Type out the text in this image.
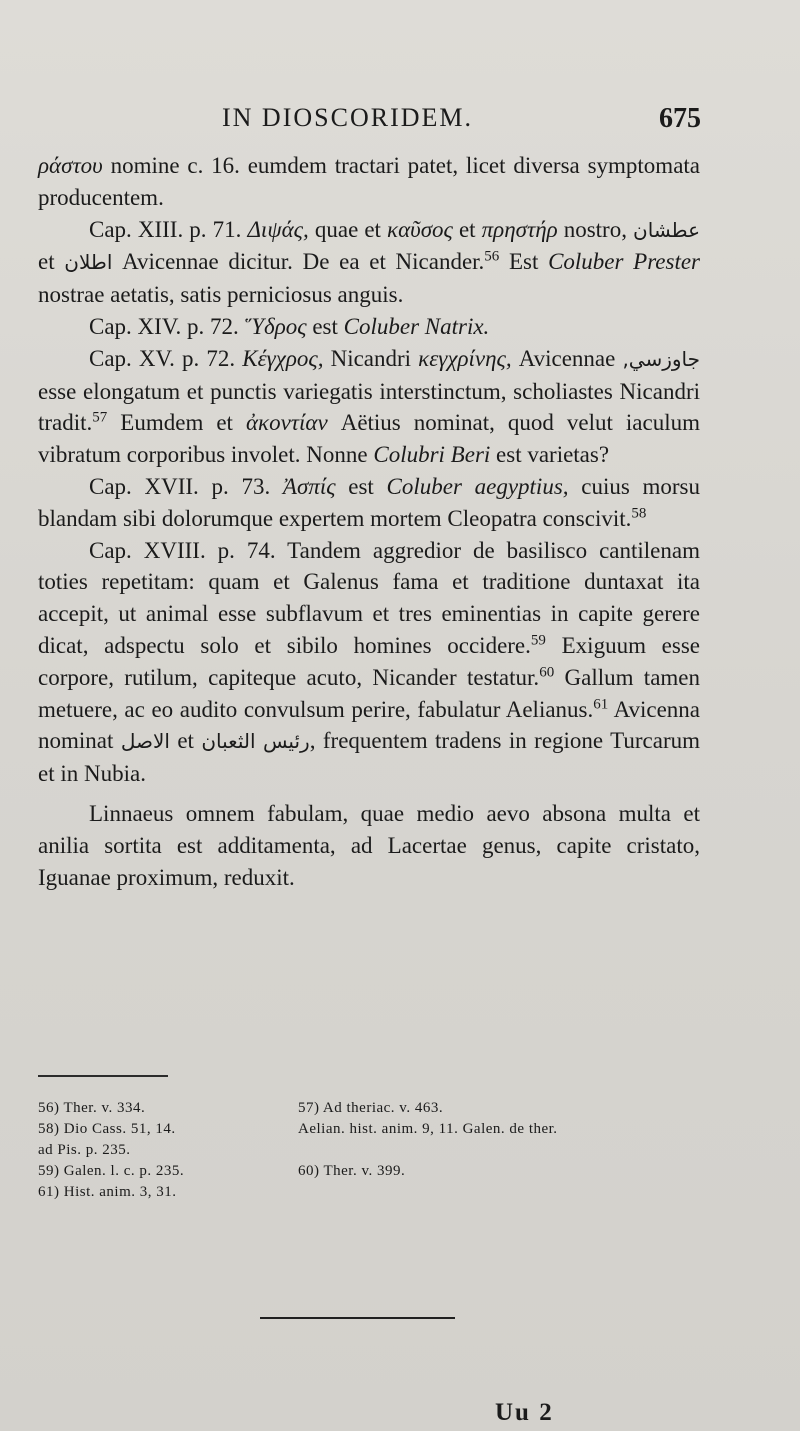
IN DIOSCORIDEM.	675

ράστου nomine c. 16. eumdem tractari patet, licet diversa symptomata producentem.

Cap. XIII. p. 71. Διψάς, quae et καῦσος et πρηστήρ nostro, عطشان et اطلان Avicennae dicitur. De ea et Nicander.$^{56}$ Est Coluber Prester nostrae aetatis, satis perniciosus anguis.

Cap. XIV. p. 72. Ὕδρος est Coluber Natrix.

Cap. XV. p. 72. Κέγχρος, Nicandri κεγχρίνης, Avicennae جاوزسي, esse elongatum et punctis variegatis interstinctum, scholiastes Nicandri tradit.$^{57}$ Eumdem et ἀκοντίαν Aëtius nominat, quod velut iaculum vibratum corporibus involet. Nonne Colubri Beri est varietas?

Cap. XVII. p. 73. Ἀσπίς est Coluber aegyptius, cuius morsu blandam sibi dolorumque expertem mortem Cleopatra conscivit.$^{58}$

Cap. XVIII. p. 74. Tandem aggredior de basilisco cantilenam toties repetitam: quam et Galenus fama et traditione duntaxat ita accepit, ut animal esse subflavum et tres eminentias in capite gerere dicat, adspectu solo et sibilo homines occidere.$^{59}$ Exiguum esse corpore, rutilum, capiteque acuto, Nicander testatur.$^{60}$ Gallum tamen metuere, ac eo audito convulsum perire, fabulatur Aelianus.$^{61}$ Avicenna nominat الاصل et الثعبان رئيس, frequentem tradens in regione Turcarum et in Nubia.

Linnaeus omnem fabulam, quae medio aevo absona multa et anilia sortita est additamenta, ad Lacertae genus, capite cristato, Iguanae proximum, reduxit.

56) Ther. v. 334.	57) Ad theriac. v. 463.
58) Dio Cass. 51, 14.	Aelian. hist. anim. 9, 11. Galen. de ther.
ad Pis. p. 235.
59) Galen. l. c. p. 235.	60) Ther. v. 399.
61) Hist. anim. 3, 31.
Uu 2
